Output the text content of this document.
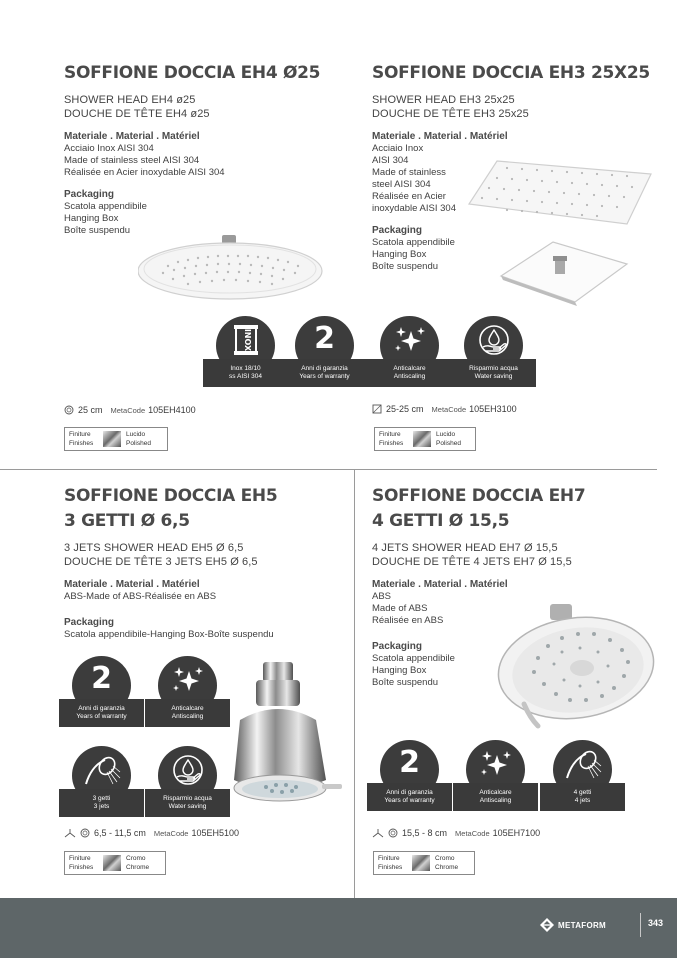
SOFFIONE DOCCIA EH4 Ø25
SHOWER HEAD EH4 ø25
DOUCHE DE TÊTE EH4 ø25
Materiale . Material . Matériel
Acciaio Inox AISI 304
Made of stainless steel AISI 304
Réalisée en Acier inoxydable AISI 304
Packaging
Scatola appendibile
Hanging Box
Boîte suspendu
SOFFIONE DOCCIA EH3 25X25
SHOWER HEAD EH3 25x25
DOUCHE DE TÊTE EH3 25x25
Materiale . Material . Matériel
Acciaio Inox
AISI 304
Made of stainless
steel AISI 304
Réalisée en Acier
inoxydable AISI 304
Packaging
Scatola appendibile
Hanging Box
Boîte suspendu
INOX
Inox 18/10
ss AISI 304
2
Anni di garanzia
Years of warranty
Anticalcare
Antiscaling
Risparmio acqua
Water saving
25 cm MetaCode 105EH4100
Finiture
Finishes
Lucido
Polished
25-25 cm MetaCode 105EH3100
Finiture
Finishes
Lucido
Polished
SOFFIONE DOCCIA EH5
3 GETTI Ø 6,5
3 JETS SHOWER HEAD EH5 Ø 6,5
DOUCHE DE TÊTE 3 JETS EH5 Ø 6,5
Materiale . Material . Matériel
ABS-Made of ABS-Réalisée en ABS
Packaging
Scatola appendibile-Hanging Box-Boîte suspendu
2
Anni di garanzia
Years of warranty
Anticalcare
Antiscaling
3 getti
3 jets
Risparmio acqua
Water saving
6,5 - 11,5 cm MetaCode 105EH5100
Finiture
Finishes
Cromo
Chrome
SOFFIONE DOCCIA EH7
4 GETTI Ø 15,5
4 JETS SHOWER HEAD EH7 Ø 15,5
DOUCHE DE TÊTE 4 JETS EH7 Ø 15,5
Materiale . Material . Matériel
ABS
Made of ABS
Réalisée en ABS
Packaging
Scatola appendibile
Hanging Box
Boîte suspendu
2
Anni di garanzia
Years of warranty
Anticalcare
Antiscaling
4 getti
4 jets
15,5 - 8 cm MetaCode 105EH7100
Finiture
Finishes
Cromo
Chrome
METAFORM	343
